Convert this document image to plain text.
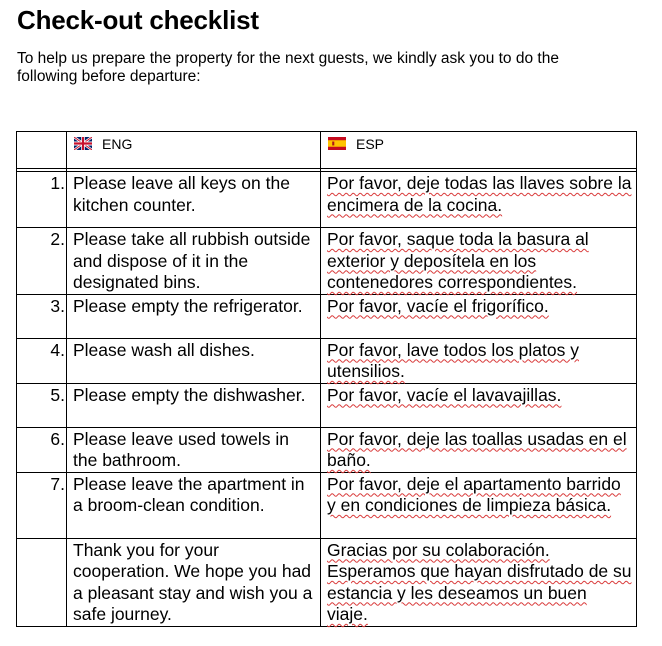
Check-out checklist

To help us prepare the property for the next guests, we kindly ask you to do the following before departure:

	ENG	ESP

1.	Please leave all keys on the kitchen counter.	Por favor, deje todas las llaves sobre la encimera de la cocina.

2.	Please take all rubbish outside and dispose of it in the designated bins.	Por favor, saque toda la basura al exterior y deposítela en los contenedores correspondientes.

3.	Please empty the refrigerator.	Por favor, vacíe el frigorífico.

4.	Please wash all dishes.	Por favor, lave todos los platos y utensilios.

5.	Please empty the dishwasher.	Por favor, vacíe el lavavajillas.

6.	Please leave used towels in the bathroom.	Por favor, deje las toallas usadas en el baño.

7.	Please leave the apartment in a broom-clean condition.	Por favor, deje el apartamento barrido y en condiciones de limpieza básica.

	Thank you for your cooperation. We hope you had a pleasant stay and wish you a safe journey.	Gracias por su colaboración. Esperamos que hayan disfrutado de su estancia y les deseamos un buen viaje.
